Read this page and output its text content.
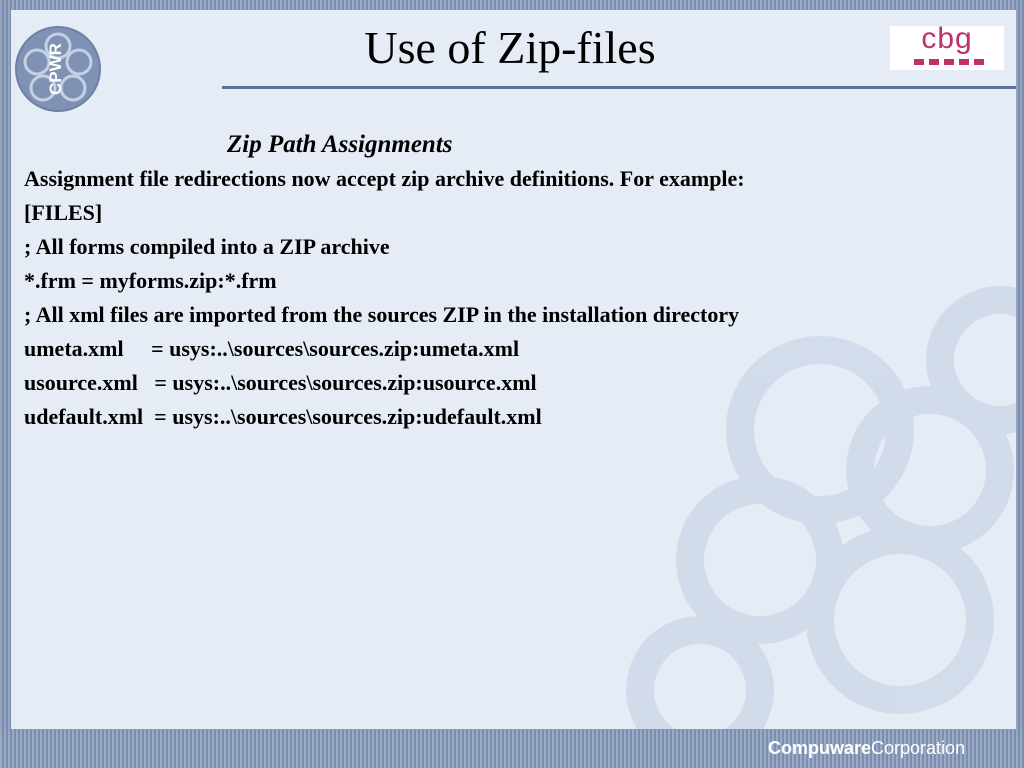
CPWR	Use of Zip-files	cbg
Zip Path Assignments
Assignment file redirections now accept zip archive definitions. For example:
[FILES]
; All forms compiled into a ZIP archive
*.frm = myforms.zip:*.frm
; All xml files are imported from the sources ZIP in the installation directory
umeta.xml     = usys:..\sources\sources.zip:umeta.xml
usource.xml   = usys:..\sources\sources.zip:usource.xml
udefault.xml  = usys:..\sources\sources.zip:udefault.xml
CompuwareCorporation
